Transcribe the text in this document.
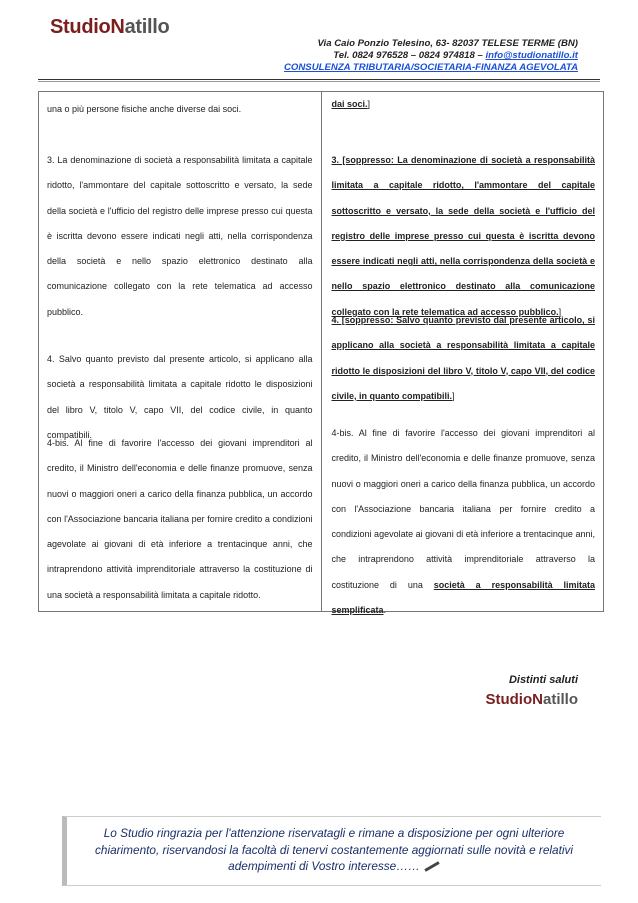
StudioNatillo
Via Caio Ponzio Telesino, 63- 82037 TELESE TERME (BN)
Tel. 0824 976528 – 0824 974818 – info@studionatillo.it
CONSULENZA TRIBUTARIA/SOCIETARIA-FINANZA AGEVOLATA
una o più persone fisiche anche diverse dai soci.
3. La denominazione di società a responsabilità limitata a capitale ridotto, l'ammontare del capitale sottoscritto e versato, la sede della società e l'ufficio del registro delle imprese presso cui questa è iscritta devono essere indicati negli atti, nella corrispondenza della società e nello spazio elettronico destinato alla comunicazione collegato con la rete telematica ad accesso pubblico.
4. Salvo quanto previsto dal presente articolo, si applicano alla società a responsabilità limitata a capitale ridotto le disposizioni del libro V, titolo V, capo VII, del codice civile, in quanto compatibili.
4-bis. Al fine di favorire l'accesso dei giovani imprenditori al credito, il Ministro dell'economia e delle finanze promuove, senza nuovi o maggiori oneri a carico della finanza pubblica, un accordo con l'Associazione bancaria italiana per fornire credito a condizioni agevolate ai giovani di età inferiore a trentacinque anni, che intraprendono attività imprenditoriale attraverso la costituzione di una società a responsabilità limitata a capitale ridotto.

dai soci.]
3. [soppresso: La denominazione di società a responsabilità limitata a capitale ridotto, l'ammontare del capitale sottoscritto e versato, la sede della società e l'ufficio del registro delle imprese presso cui questa è iscritta devono essere indicati negli atti, nella corrispondenza della società e nello spazio elettronico destinato alla comunicazione collegato con la rete telematica ad accesso pubblico.]
4. [soppresso: Salvo quanto previsto dal presente articolo, si applicano alla società a responsabilità limitata a capitale ridotto le disposizioni del libro V, titolo V, capo VII, del codice civile, in quanto compatibili.]
4-bis. Al fine di favorire l'accesso dei giovani imprenditori al credito, il Ministro dell'economia e delle finanze promuove, senza nuovi o maggiori oneri a carico della finanza pubblica, un accordo con l'Associazione bancaria italiana per fornire credito a condizioni agevolate ai giovani di età inferiore a trentacinque anni, che intraprendono attività imprenditoriale attraverso la costituzione di una società a responsabilità limitata semplificata.
Distinti saluti
StudioNatillo
Lo Studio ringrazia per l'attenzione riservatagli e rimane a disposizione per ogni ulteriore chiarimento, riservandosi la facoltà di tenervi costantemente aggiornati sulle novità e relativi adempimenti di Vostro interesse……
